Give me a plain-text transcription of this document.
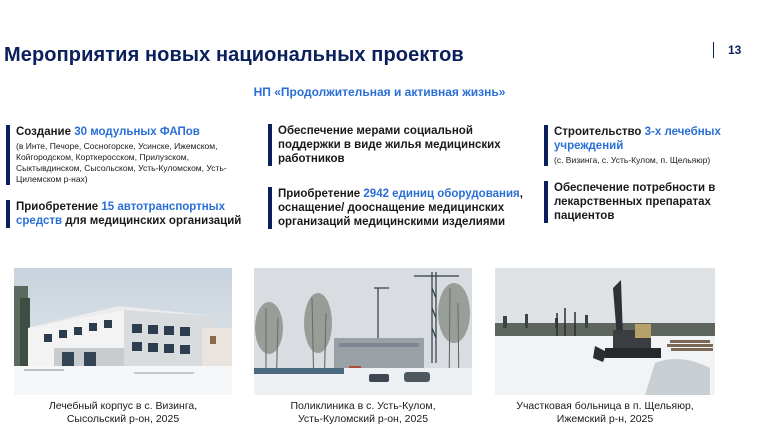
Мероприятия новых национальных проектов	13
НП «Продолжительная и активная жизнь»
Создание 30 модульных ФАПов
(в Инте, Печоре, Сосногорске, Усинске, Ижемском, Койгородском, Корткеросском, Прилузском, Сыктывдинском, Сысольском, Усть-Куломском, Усть-Цилемском р-нах)
Приобретение 15 автотранспортных средств для медицинских организаций
Обеспечение мерами социальной поддержки в виде жилья медицинских работников
Приобретение 2942 единиц оборудования, оснащение/ дооснащение медицинских организаций медицинскими изделиями
Строительство 3-х лечебных учреждений
(с. Визинга, с. Усть-Кулом, п. Щельяюр)
Обеспечение потребности в лекарственных препаратах пациентов
Лечебный корпус в с. Визинга,
Сысольский р-он, 2025
Поликлиника в с. Усть-Кулом,
Усть-Куломский р-он, 2025
Участковая больница в п. Щельяюр,
Ижемский р-н, 2025
